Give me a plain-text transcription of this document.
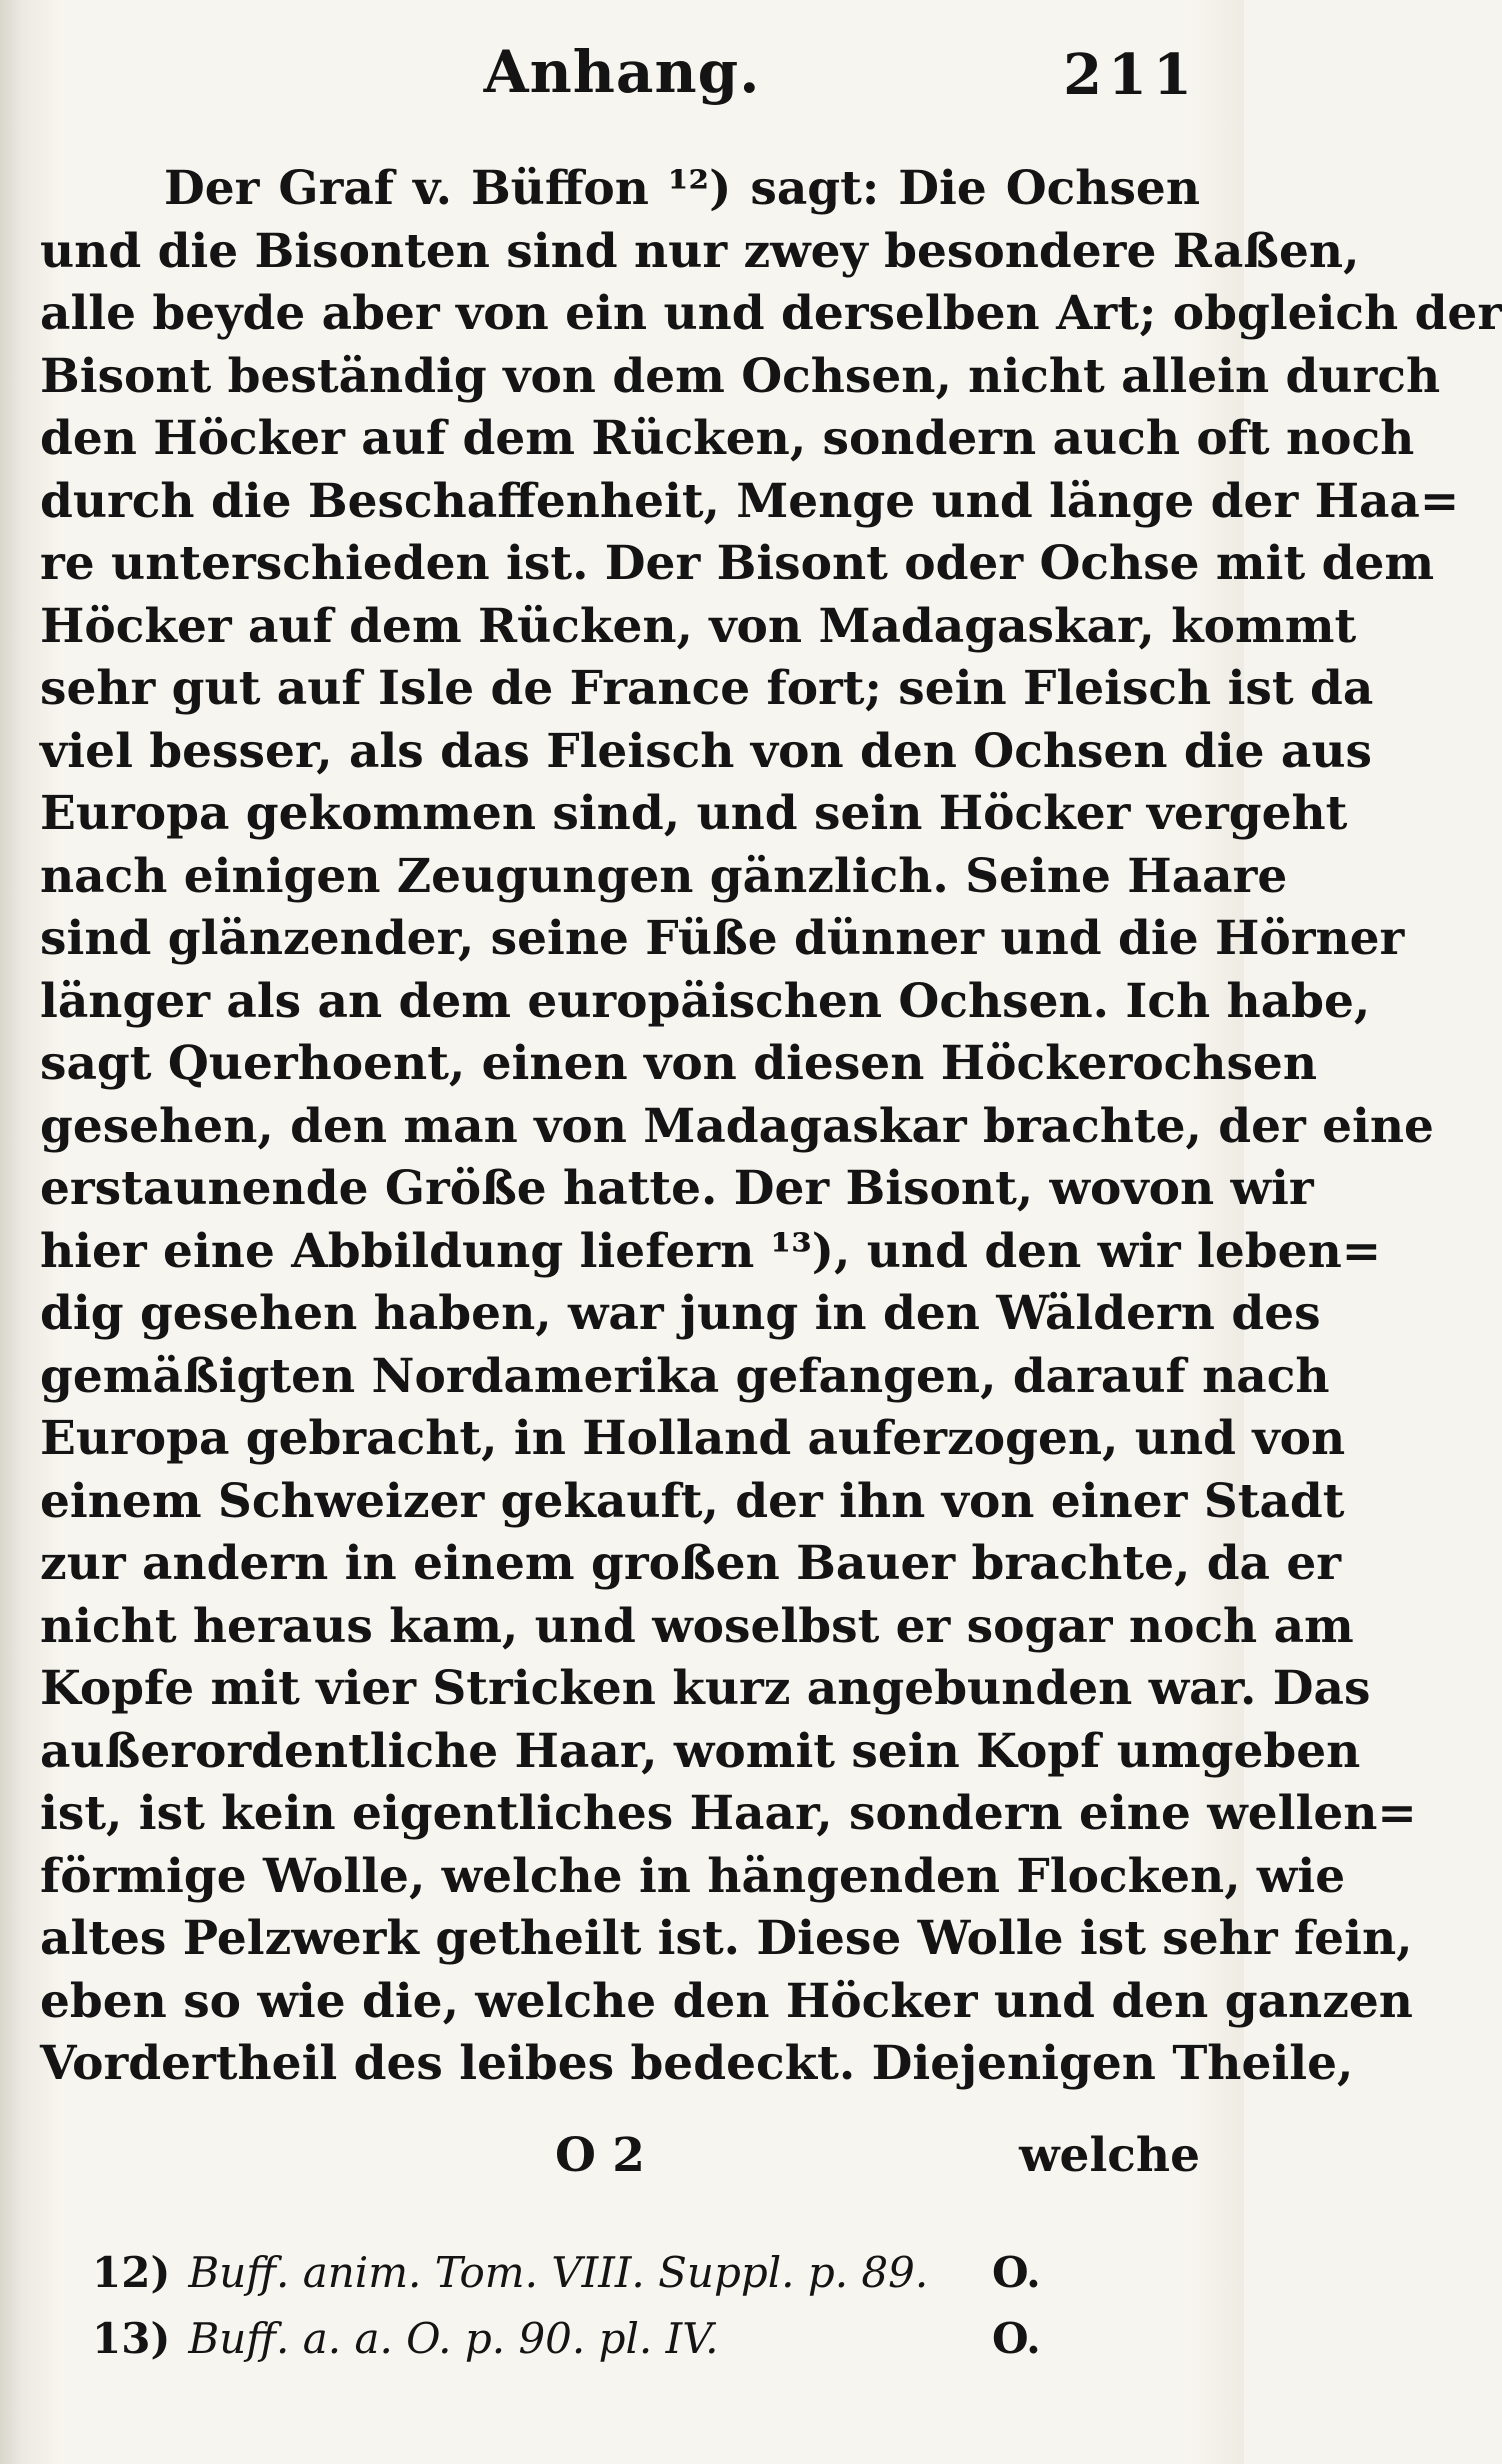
Anhang.	211
Der Graf v. Büffon ¹²) sagt: Die Ochsen
und die Bisonten sind nur zwey besondere Raßen,
alle beyde aber von ein und derselben Art; obgleich der
Bisont beständig von dem Ochsen, nicht allein durch
den Höcker auf dem Rücken, sondern auch oft noch
durch die Beschaffenheit, Menge und länge der Haa=
re unterschieden ist. Der Bisont oder Ochse mit dem
Höcker auf dem Rücken, von Madagaskar, kommt
sehr gut auf Isle de France fort; sein Fleisch ist da
viel besser, als das Fleisch von den Ochsen die aus
Europa gekommen sind, und sein Höcker vergeht
nach einigen Zeugungen gänzlich. Seine Haare
sind glänzender, seine Füße dünner und die Hörner
länger als an dem europäischen Ochsen. Ich habe,
sagt Querhoent, einen von diesen Höckerochsen
gesehen, den man von Madagaskar brachte, der eine
erstaunende Größe hatte. Der Bisont, wovon wir
hier eine Abbildung liefern ¹³), und den wir leben=
dig gesehen haben, war jung in den Wäldern des
gemäßigten Nordamerika gefangen, darauf nach
Europa gebracht, in Holland auferzogen, und von
einem Schweizer gekauft, der ihn von einer Stadt
zur andern in einem großen Bauer brachte, da er
nicht heraus kam, und woselbst er sogar noch am
Kopfe mit vier Stricken kurz angebunden war. Das
außerordentliche Haar, womit sein Kopf umgeben
ist, ist kein eigentliches Haar, sondern eine wellen=
förmige Wolle, welche in hängenden Flocken, wie
altes Pelzwerk getheilt ist. Diese Wolle ist sehr fein,
eben so wie die, welche den Höcker und den ganzen
Vordertheil des leibes bedeckt. Diejenigen Theile,
O 2	welche
12) Buff. anim. Tom. VIII. Suppl. p. 89. O.
13) Buff. a. a. O. p. 90. pl. IV.	O.
